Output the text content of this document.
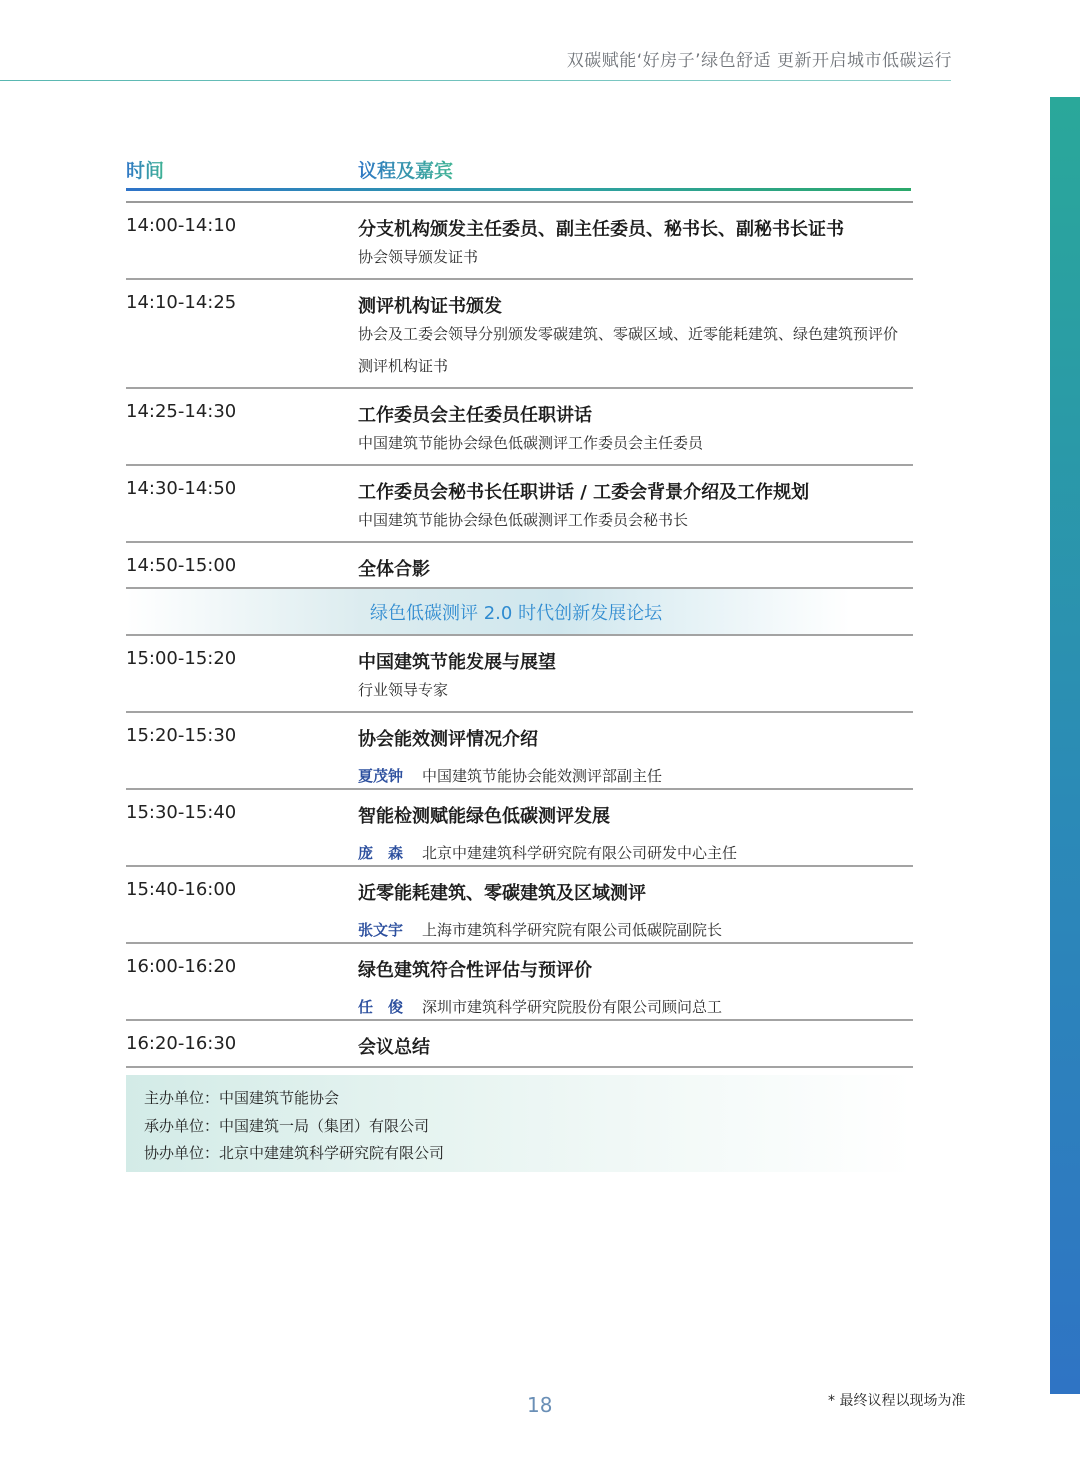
双碳赋能‘好房子’绿色舒适 更新开启城市低碳运行
时间	议程及嘉宾
14:00-14:10	分支机构颁发主任委员、副主任委员、秘书长、副秘书长证书
协会领导颁发证书
14:10-14:25	测评机构证书颁发
协会及工委会领导分别颁发零碳建筑、零碳区域、近零能耗建筑、绿色建筑预评价测评机构证书
14:25-14:30	工作委员会主任委员任职讲话
中国建筑节能协会绿色低碳测评工作委员会主任委员
14:30-14:50	工作委员会秘书长任职讲话 / 工委会背景介绍及工作规划
中国建筑节能协会绿色低碳测评工作委员会秘书长
14:50-15:00	全体合影
绿色低碳测评 2.0 时代创新发展论坛
15:00-15:20	中国建筑节能发展与展望
行业领导专家
15:20-15:30	协会能效测评情况介绍
夏茂钟 中国建筑节能协会能效测评部副主任
15:30-15:40	智能检测赋能绿色低碳测评发展
庞　森 北京中建建筑科学研究院有限公司研发中心主任
15:40-16:00	近零能耗建筑、零碳建筑及区域测评
张文宇 上海市建筑科学研究院有限公司低碳院副院长
16:00-16:20	绿色建筑符合性评估与预评价
任　俊 深圳市建筑科学研究院股份有限公司顾问总工
16:20-16:30	会议总结
主办单位：中国建筑节能协会
承办单位：中国建筑一局（集团）有限公司
协办单位：北京中建建筑科学研究院有限公司
18	* 最终议程以现场为准
